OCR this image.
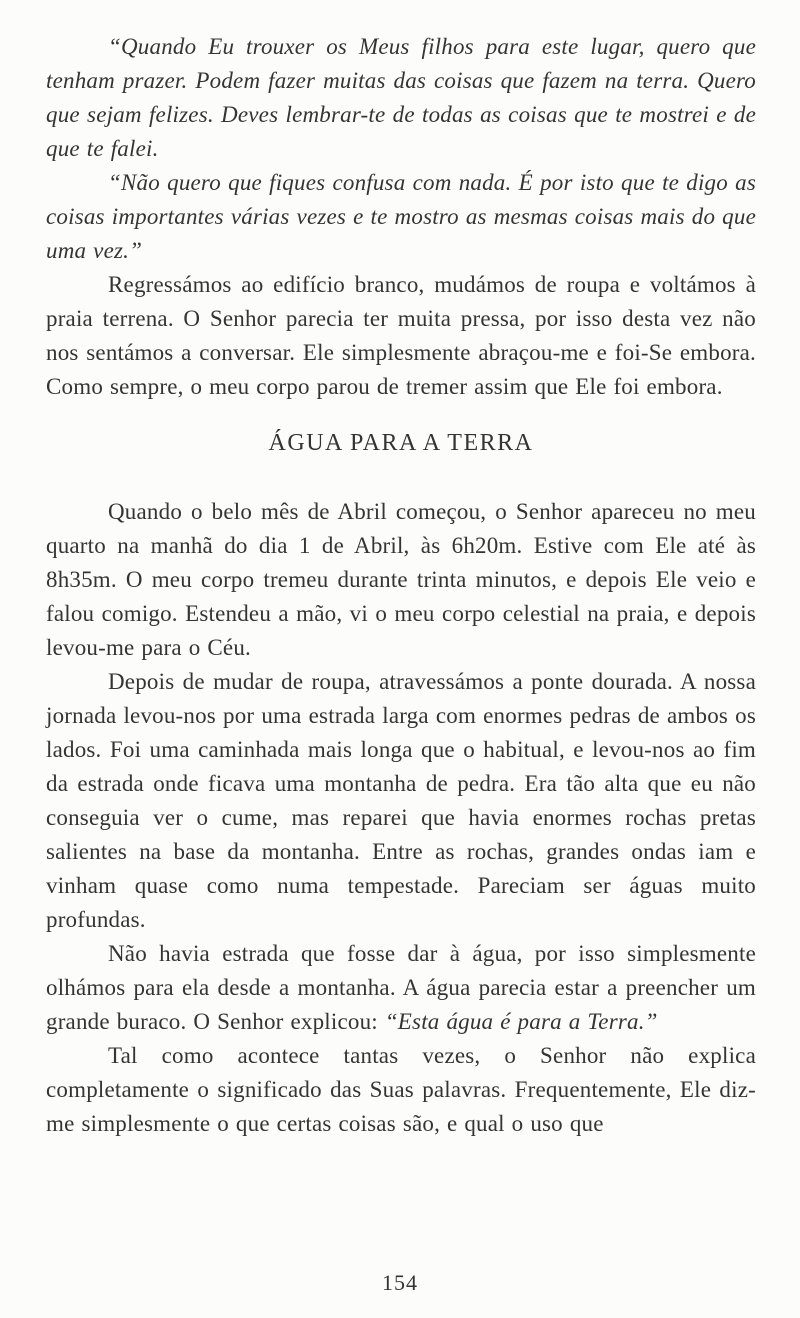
“Quando Eu trouxer os Meus filhos para este lugar, quero que tenham prazer. Podem fazer muitas das coisas que fazem na terra. Quero que sejam felizes. Deves lembrar-te de todas as coisas que te mostrei e de que te falei.

“Não quero que fiques confusa com nada. É por isto que te digo as coisas importantes várias vezes e te mostro as mesmas coisas mais do que uma vez.”

Regressámos ao edifício branco, mudámos de roupa e voltámos à praia terrena. O Senhor parecia ter muita pressa, por isso desta vez não nos sentámos a conversar. Ele simplesmente abraçou-me e foi-Se embora. Como sempre, o meu corpo parou de tremer assim que Ele foi embora.

ÁGUA PARA A TERRA

Quando o belo mês de Abril começou, o Senhor apareceu no meu quarto na manhã do dia 1 de Abril, às 6h20m. Estive com Ele até às 8h35m. O meu corpo tremeu durante trinta minutos, e depois Ele veio e falou comigo. Estendeu a mão, vi o meu corpo celestial na praia, e depois levou-me para o Céu.

Depois de mudar de roupa, atravessámos a ponte dourada. A nossa jornada levou-nos por uma estrada larga com enormes pedras de ambos os lados. Foi uma caminhada mais longa que o habitual, e levou-nos ao fim da estrada onde ficava uma montanha de pedra. Era tão alta que eu não conseguia ver o cume, mas reparei que havia enormes rochas pretas salientes na base da montanha. Entre as rochas, grandes ondas iam e vinham quase como numa tempestade. Pareciam ser águas muito profundas.

Não havia estrada que fosse dar à água, por isso simplesmente olhámos para ela desde a montanha. A água parecia estar a preencher um grande buraco. O Senhor explicou: “Esta água é para a Terra.”

Tal como acontece tantas vezes, o Senhor não explica completamente o significado das Suas palavras. Frequentemente, Ele diz-me simplesmente o que certas coisas são, e qual o uso que

154
